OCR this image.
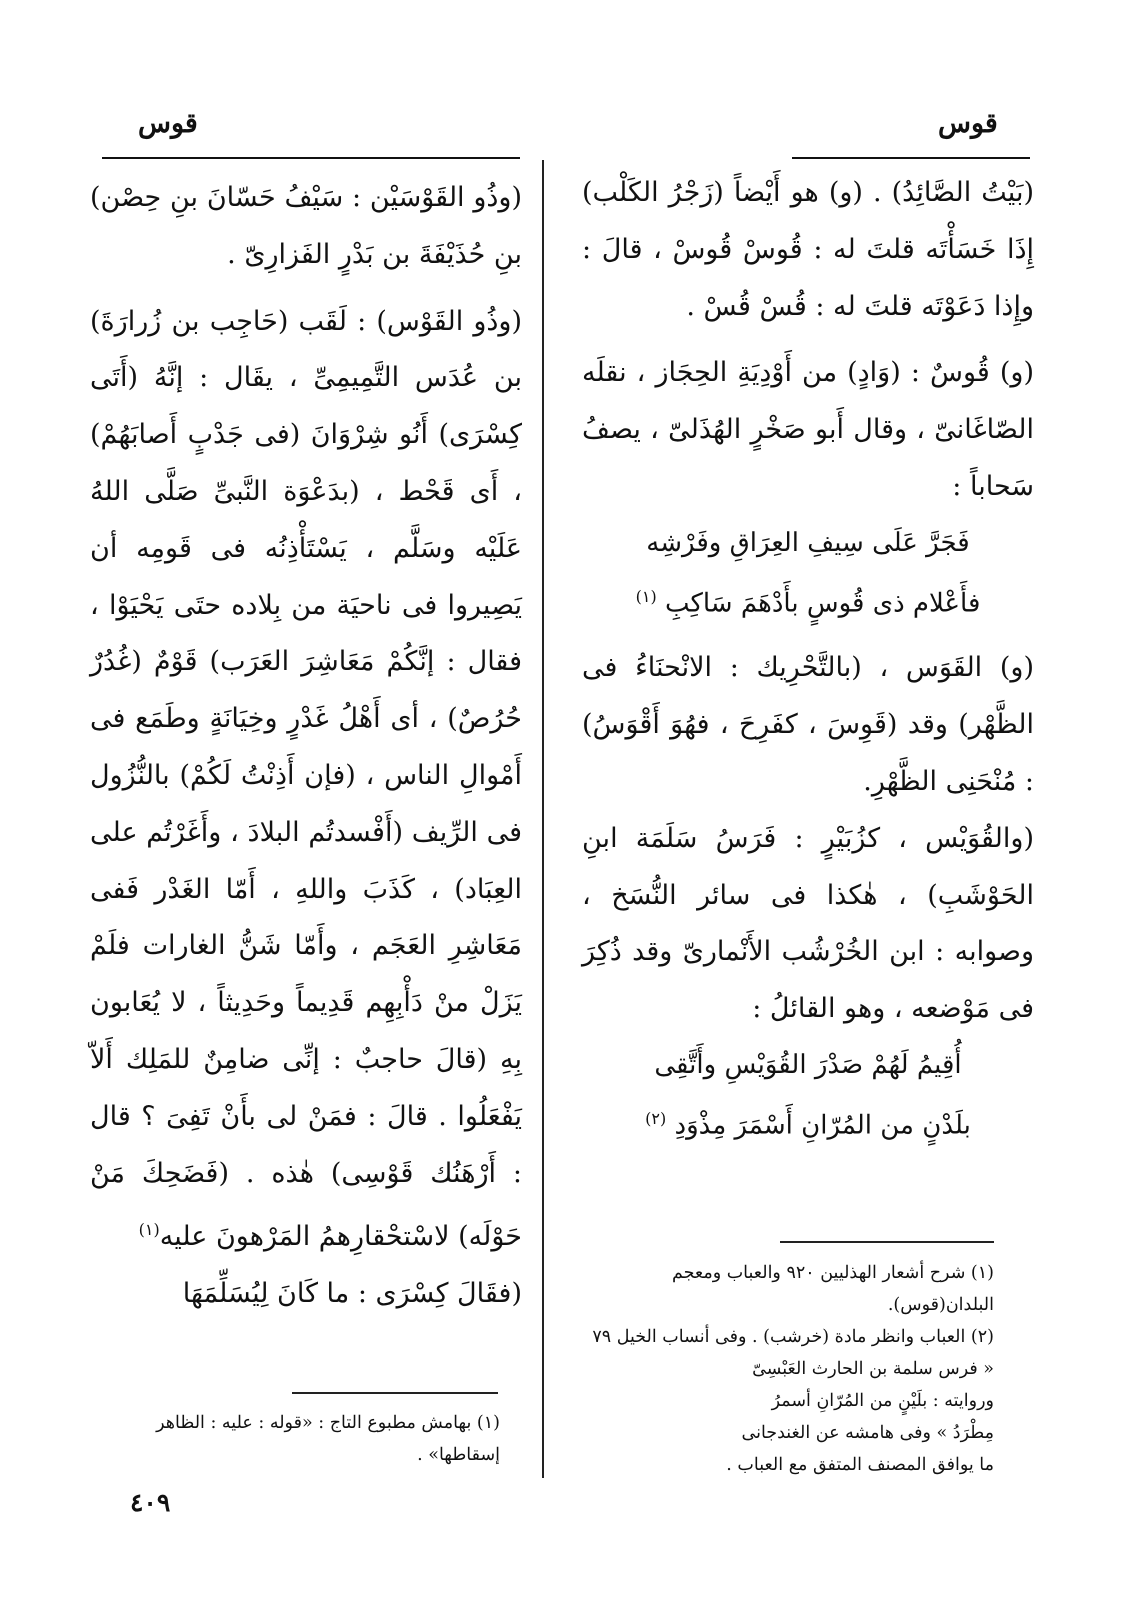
قوس	قوس

(بَيْتُ الصَّائِدُ) . (و) هو أَيْضاً (زَجْرُ الكَلْب) إِذَا خَسَأْتَه قلتَ له : قُوسْ قُوسْ ، قالَ : وإِذا دَعَوْتَه قلتَ له : قُسْ قُسْ .

(و) قُوسٌ : (وَادٍ) من أَوْدِيَةِ الحِجَاز ، نقلَه الصّاغَانىّ ، وقال أَبو صَخْرٍ الهُذَلىّ ، يصفُ سَحاباً :

فَجَرَّ عَلَى سِيفِ العِرَاقِ وفَرْشِه

فأَعْلام ذى قُوسٍ بأَدْهَمَ سَاكِبِ $^{(١)}$

(و) القَوَس ، (بالتَّحْرِيك : الانْحنَاءُ فى الظَّهْر) وقد (قَوِسَ ، كفَرِحَ ، فهُوَ أَقْوَسُ) : مُنْحَنِى الظَّهْرِ.

(والقُوَيْس ، كزُبَيْرٍ : فَرَسُ سَلَمَة ابنِ الحَوْشَبِ) ، هٰكذا فى سائر النُّسَخ ، وصوابه : ابن الخُرْشُب الأَنْمارىّ وقد ذُكِرَ فى مَوْضعه ، وهو القائلُ :

أُقِيمُ لَهُمْ صَدْرَ القُوَيْسِ وأَتَّقِى

بلَدْنٍ من المُرّانِ أَسْمَرَ مِذْوَدِ $^{(٢)}$

(وذُو القَوْسَيْن : سَيْفُ حَسّانَ بنِ حِصْن) بنِ حُذَيْفَةَ بن بَدْرٍ الفَزارِىّ .

(وذُو القَوْس) : لَقَب (حَاجِب بن زُرارَةَ) بن عُدَس التَّمِيمِىِّ ، يقَال : إنَّهُ (أَتَى كِسْرَى) أَنُو شِرْوَانَ (فى جَدْبٍ أَصابَهُمْ) ، أَى قَحْط ، (بدَعْوَة النَّبىِّ صَلَّى اللهُ عَلَيْه وسَلَّم ، يَسْتَأْذِنُه فى قَومِه أن يَصِيروا فى ناحيَة من بِلاده حتَى يَحْيَوْا ، فقال : إنَّكُمْ مَعَاشِرَ العَرَب) قَوْمٌ (غُدُرٌ حُرُصٌ) ، أى أَهْلُ غَدْرٍ وخِيَانَةٍ وطَمَع فى أَمْوالِ الناس ، (فإن أَذِنْتُ لَكُمْ) بالنُّزُول فى الرِّيف (أَفْسدتُم البلادَ ، وأَغَرْتُم على العِبَاد) ، كَذَبَ واللهِ ، أَمّا الغَدْر فَفى مَعَاشِرِ العَجَم ، وأَمّا شَنُّ الغارات فلَمْ يَزَلْ منْ دَأْبِهِم قَدِيماً وحَدِيثاً ، لا يُعَابون بِهِ (قالَ حاجبٌ : إنِّى ضامِنٌ للمَلِك أَلاّ يَفْعَلُوا . قالَ : فمَنْ لى بأَنْ تَفِىَ ؟ قال : أَرْهَنُك قَوْسِى) هٰذه . (فَضَحِكَ مَنْ حَوْلَه) لاسْتحْقارِهمُ المَرْهونَ عليه$^{(١)}$

(فقَالَ كِسْرَى : ما كَانَ لِيُسَلِّمَهَا

(١) شرح أشعار الهذليين ٩٢٠ والعباب ومعجم البلدان(قوس).

(٢) العباب وانظر مادة (خرشب) . وفى أنساب الخيل ٧٩

« فرس سلمة بن الحارث العَبْسِىّ

وروايته : بلَيْنٍ من المُرّانِ أسمرُ

مِطْرَدُ » وفى هامشه عن الغندجانى

ما يوافق المصنف المتفق مع العباب .

(١) بهامش مطبوع التاج : «قوله : عليه : الظاهر إسقاطها» .

٤٠٩
